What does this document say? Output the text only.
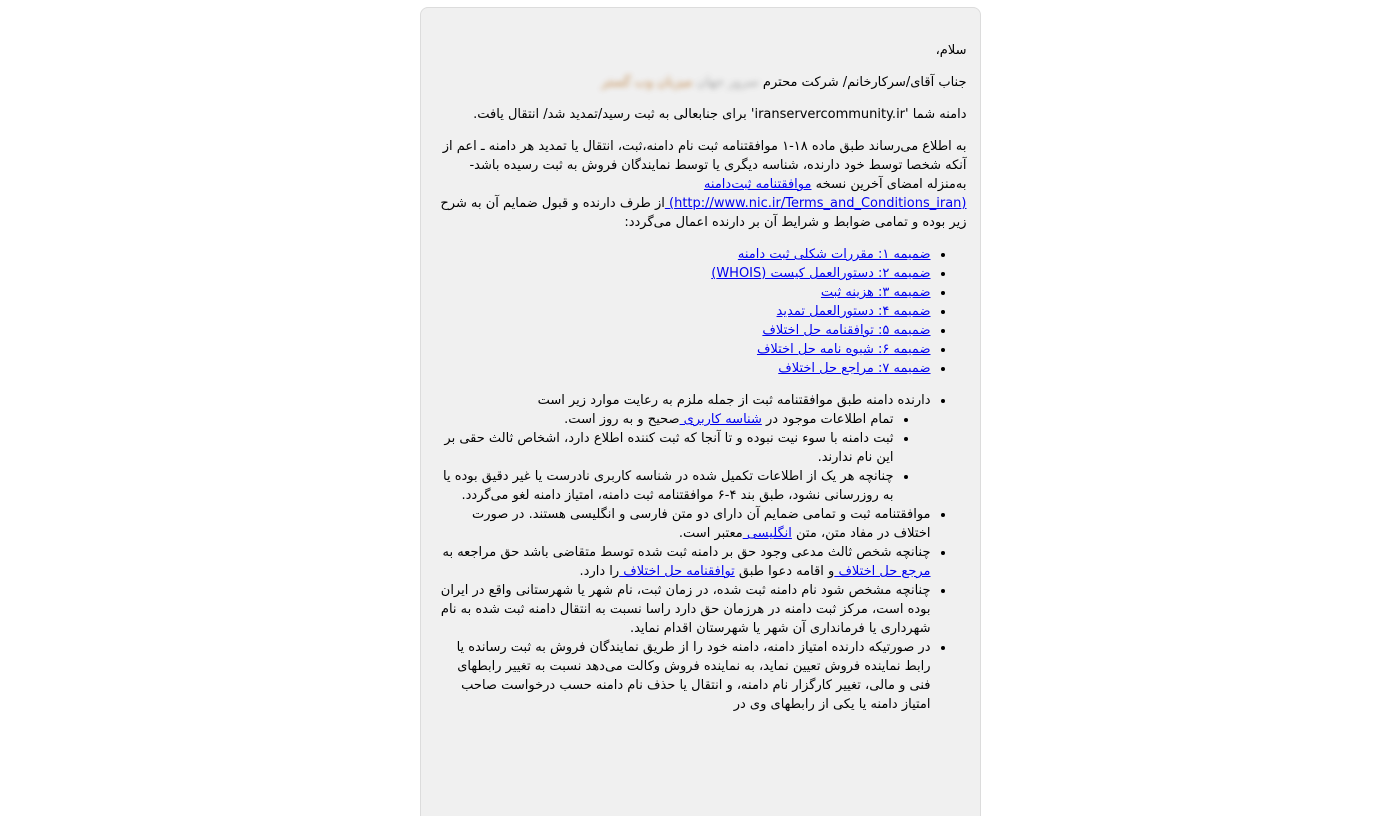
سلام،

جناب آقای/سرکارخانم/ شرکت محترم سرور جهان میزبان وب گستر

دامنه شما 'iranservercommunity.ir' برای جنابعالی به ثبت رسید/تمدید شد/ انتقال یافت.

به اطلاع می‌رساند طبق ماده ۱۸-۱ موافقتنامه ثبت نام دامنه،ثبت، انتقال یا تمدید هر دامنه ـ اعم از آنکه شخصا توسط خود دارنده، شناسه دیگری یا توسط نمایندگان فروش به ثبت رسیده باشد- به‌منزله امضای آخرین نسخه موافقتنامه ثبت‌دامنه (http://www.nic.ir/Terms_and_Conditions_iran) از طرف دارنده و قبول ضمایم آن به شرح زیر بوده و تمامی ضوابط و شرایط آن بر دارنده اعمال می‌گردد:

• ضمیمه ۱: مقررات شکلی ثبت دامنه
• ضمیمه ۲: دستورالعمل کیست (WHOIS)
• ضمیمه ۳: هزینه ثبت
• ضمیمه ۴: دستورالعمل تمدید
• ضمیمه ۵: توافقنامه حل اختلاف
• ضمیمه ۶: شیوه نامه حل اختلاف
• ضمیمه ۷: مراجع حل اختلاف
• دارنده دامنه طبق موافقتنامه ثبت از جمله ملزم به رعایت موارد زیر است
• تمام اطلاعات موجود در شناسه کاربری صحیح و به روز است.
• ثبت دامنه با سوء نیت نبوده و تا آنجا که ثبت کننده اطلاع دارد، اشخاص ثالث حقی بر این نام ندارند.
• چنانچه هر یک از اطلاعات تکمیل شده در شناسه کاربری نادرست یا غیر دقیق بوده یا به روزرسانی نشود، طبق بند ۴-۶ موافقتنامه ثبت دامنه، امتیاز دامنه لغو می‌گردد.
• موافقتنامه ثبت و تمامی ضمایم آن دارای دو متن فارسی و انگلیسی هستند. در صورت اختلاف در مفاد متن، متن انگلیسی معتبر است.
• چنانچه شخص ثالث مدعی وجود حق بر دامنه ثبت شده توسط متقاضی باشد حق مراجعه به مرجع حل اختلاف و اقامه دعوا طبق توافقنامه حل اختلاف را دارد.
• چنانچه مشخص شود نام دامنه ثبت شده، در زمان ثبت، نام شهر یا شهرستانی واقع در ایران بوده است، مرکز ثبت دامنه در هرزمان حق دارد راسا نسبت به انتقال دامنه ثبت شده به نام شهرداری یا فرمانداری آن شهر یا شهرستان اقدام نماید.
• در صورتیکه دارنده امتیاز دامنه، دامنه خود را از طریق نمایندگان فروش به ثبت رسانده یا رابط نماینده فروش تعیین نماید، به نماینده فروش وکالت می‌دهد نسبت به تغییر رابطهای فنی و مالی، تغییر کارگزار نام دامنه، و انتقال یا حذف نام دامنه حسب درخواست صاحب امتیاز دامنه یا یکی از رابطهای وی در
